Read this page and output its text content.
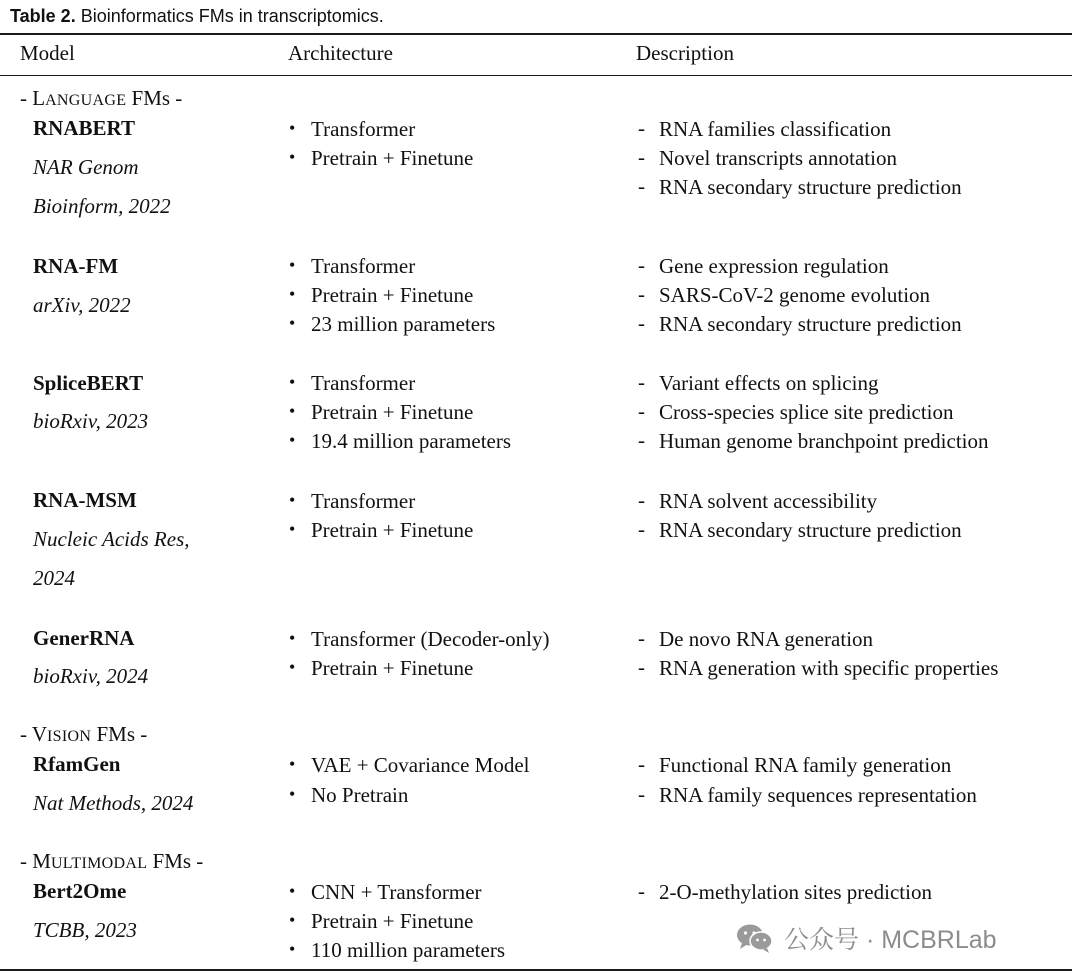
Table 2. Bioinformatics FMs in transcriptomics.
Model	Architecture	Description
- LANGUAGE FMs -
- VISION FMs -
- MULTIMODAL FMs -
RNABERT
NAR Genom
Bioinform, 2022
• Transformer
• Pretrain + Finetune
- RNA families classification
- Novel transcripts annotation
- RNA secondary structure prediction
RNA-FM
arXiv, 2022
• Transformer
• Pretrain + Finetune
• 23 million parameters
- Gene expression regulation
- SARS-CoV-2 genome evolution
- RNA secondary structure prediction
SpliceBERT
bioRxiv, 2023
• Transformer
• Pretrain + Finetune
• 19.4 million parameters
- Variant effects on splicing
- Cross-species splice site prediction
- Human genome branchpoint prediction
RNA-MSM
Nucleic Acids Res,
2024
• Transformer
• Pretrain + Finetune
- RNA solvent accessibility
- RNA secondary structure prediction
GenerRNA
bioRxiv, 2024
• Transformer (Decoder-only)
• Pretrain + Finetune
- De novo RNA generation
- RNA generation with specific properties
RfamGen
Nat Methods, 2024
• VAE + Covariance Model
• No Pretrain
- Functional RNA family generation
- RNA family sequences representation
Bert2Ome
TCBB, 2023
• CNN + Transformer
• Pretrain + Finetune
• 110 million parameters
- 2-O-methylation sites prediction
公众号 · MCBRLab
